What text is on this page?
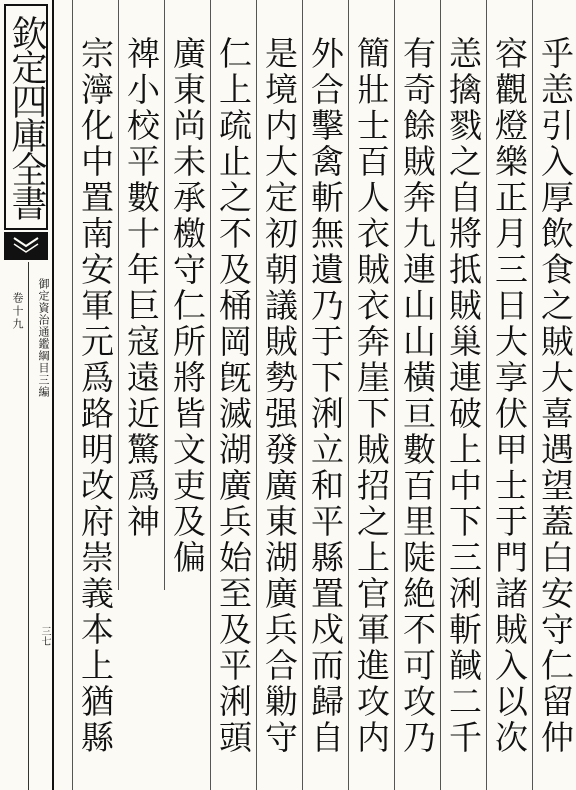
欽定四庫全書
御定資治通鑑綱目三編
卷十九
三七	乎恙引入厚飲食之賊大喜遇望蓋白安守仁留仲
容觀燈樂正月三日大享伏甲士于門諸賊入以次
恙擒戮之自將抵賊巢連破上中下三浰斬馘二千
有奇餘賊奔九連山山橫亘數百里陡絶不可攻乃
簡壯士百人衣賊衣奔崖下賊招之上官軍進攻内
外合擊禽斬無遺乃于下浰立和平縣置戍而歸自
是境内大定初朝議賊勢强發廣東湖廣兵合勦守
仁上疏止之不及桶岡旣滅湖廣兵始至及平浰頭
廣東尚未承檄守仁所將皆文吏及偏
禆小校平數十年巨寇遠近驚爲神
宗濘化中置南安軍元爲路明改府崇義本上猶縣
